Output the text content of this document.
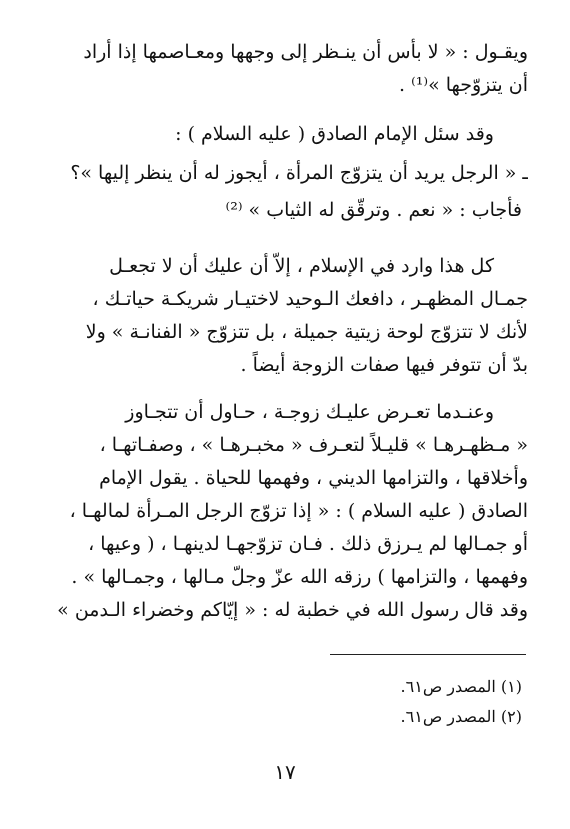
ويقـول : « لا بأس أن ينـظر إلى وجهها ومعـاصمها إذا أراد
أن يتزوّجها »⁽¹⁾ .
وقد سئل الإمام الصادق ( عليه السلام ) :
ـ « الرجل يريد أن يتزوّج المرأة ، أيجوز له أن ينظر إليها »؟
فأجاب : « نعم . وترقّق له الثياب » ⁽²⁾
كل هذا وارد في الإسلام ، إلاّ أن عليك أن لا تجعـل
جمـال المظهـر ، دافعك الـوحيد لاختيـار شريكـة حياتـك ،
لأنك لا تتزوّج لوحة زيتية جميلة ، بل تتزوّج « الفنانـة » ولا
بدّ أن تتوفر فيها صفات الزوجة أيضاً .
وعنـدما تعـرض عليـك زوجـة ، حـاول أن تتجـاوز
« مـظهـرهـا » قليـلاً لتعـرف « مخبـرهـا » ، وصفـاتهـا ،
وأخلاقها ، والتزامها الديني ، وفهمها للحياة . يقول الإمام
الصادق ( عليه السلام ) : « إذا تزوّج الرجل المـرأة لمالهـا ،
أو جمـالها لم يـرزق ذلك . فـان تزوّجهـا لدينهـا ، ( وعيها ،
وفهمها ، والتزامها ) رزقه الله عزّ وجلّ مـالها ، وجمـالها » .
وقد قال رسول الله في خطبة له : « إيّاكم وخضراء الـدمن »
(١) المصدر ص٦١.
(٢) المصدر ص٦١.
١٧
